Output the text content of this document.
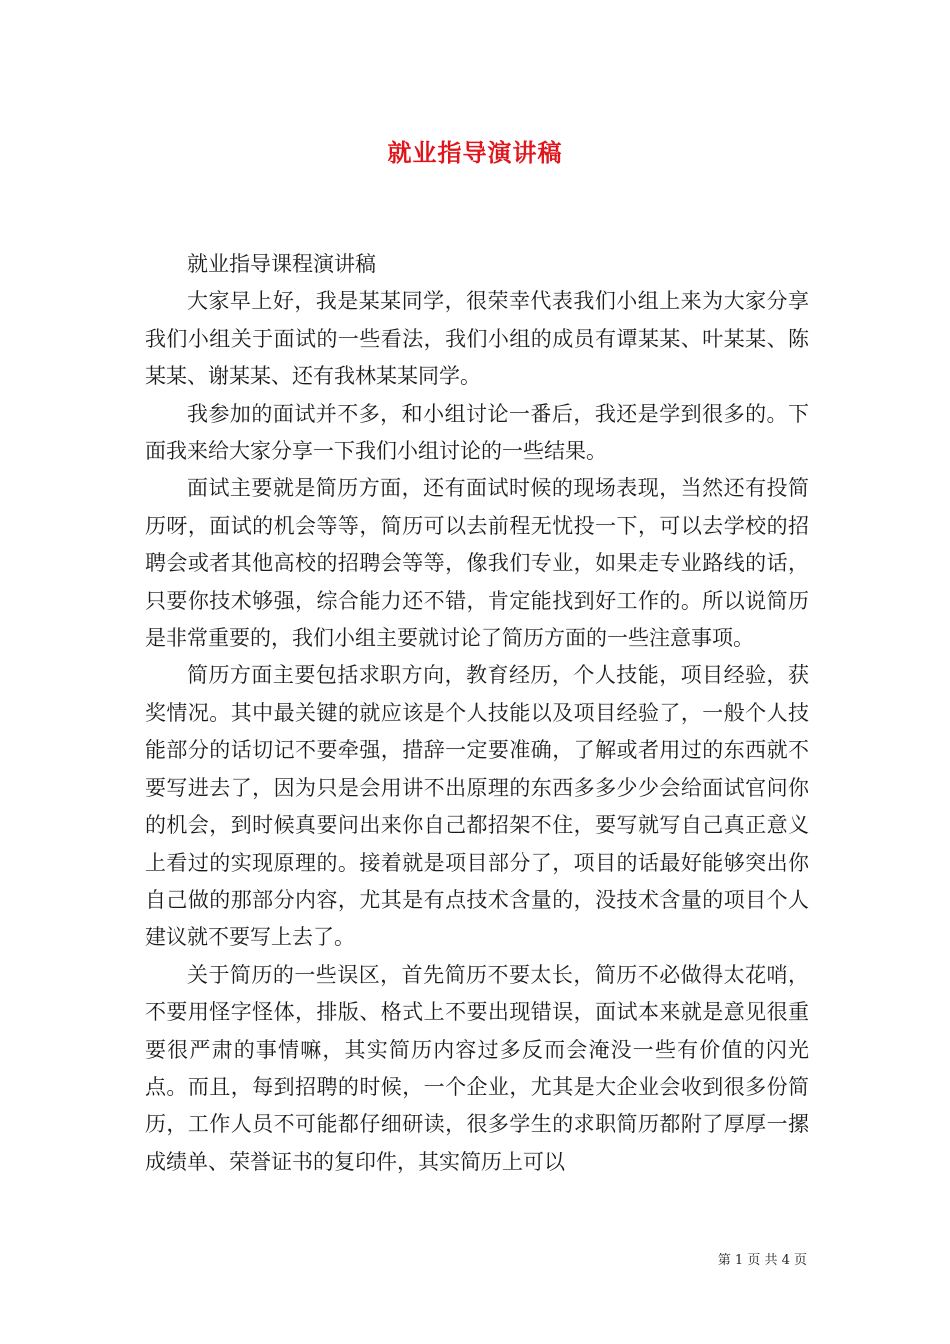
就业指导演讲稿

就业指导课程演讲稿

大家早上好，我是某某同学，很荣幸代表我们小组上来为大家分享我们小组关于面试的一些看法，我们小组的成员有谭某某、叶某某、陈某某、谢某某、还有我林某某同学。

我参加的面试并不多，和小组讨论一番后，我还是学到很多的。下面我来给大家分享一下我们小组讨论的一些结果。

面试主要就是简历方面，还有面试时候的现场表现，当然还有投简历呀，面试的机会等等，简历可以去前程无忧投一下，可以去学校的招聘会或者其他高校的招聘会等等，像我们专业，如果走专业路线的话，只要你技术够强，综合能力还不错，肯定能找到好工作的。所以说简历是非常重要的，我们小组主要就讨论了简历方面的一些注意事项。

简历方面主要包括求职方向，教育经历，个人技能，项目经验，获奖情况。其中最关键的就应该是个人技能以及项目经验了，一般个人技能部分的话切记不要牵强，措辞一定要准确，了解或者用过的东西就不要写进去了，因为只是会用讲不出原理的东西多多少少会给面试官问你的机会，到时候真要问出来你自己都招架不住，要写就写自己真正意义上看过的实现原理的。接着就是项目部分了，项目的话最好能够突出你自己做的那部分内容，尤其是有点技术含量的，没技术含量的项目个人建议就不要写上去了。

关于简历的一些误区，首先简历不要太长，简历不必做得太花哨，不要用怪字怪体，排版、格式上不要出现错误，面试本来就是意见很重要很严肃的事情嘛，其实简历内容过多反而会淹没一些有价值的闪光点。而且，每到招聘的时候，一个企业，尤其是大企业会收到很多份简历，工作人员不可能都仔细研读，很多学生的求职简历都附了厚厚一摞成绩单、荣誉证书的复印件，其实简历上可以

第 1 页 共 4 页
